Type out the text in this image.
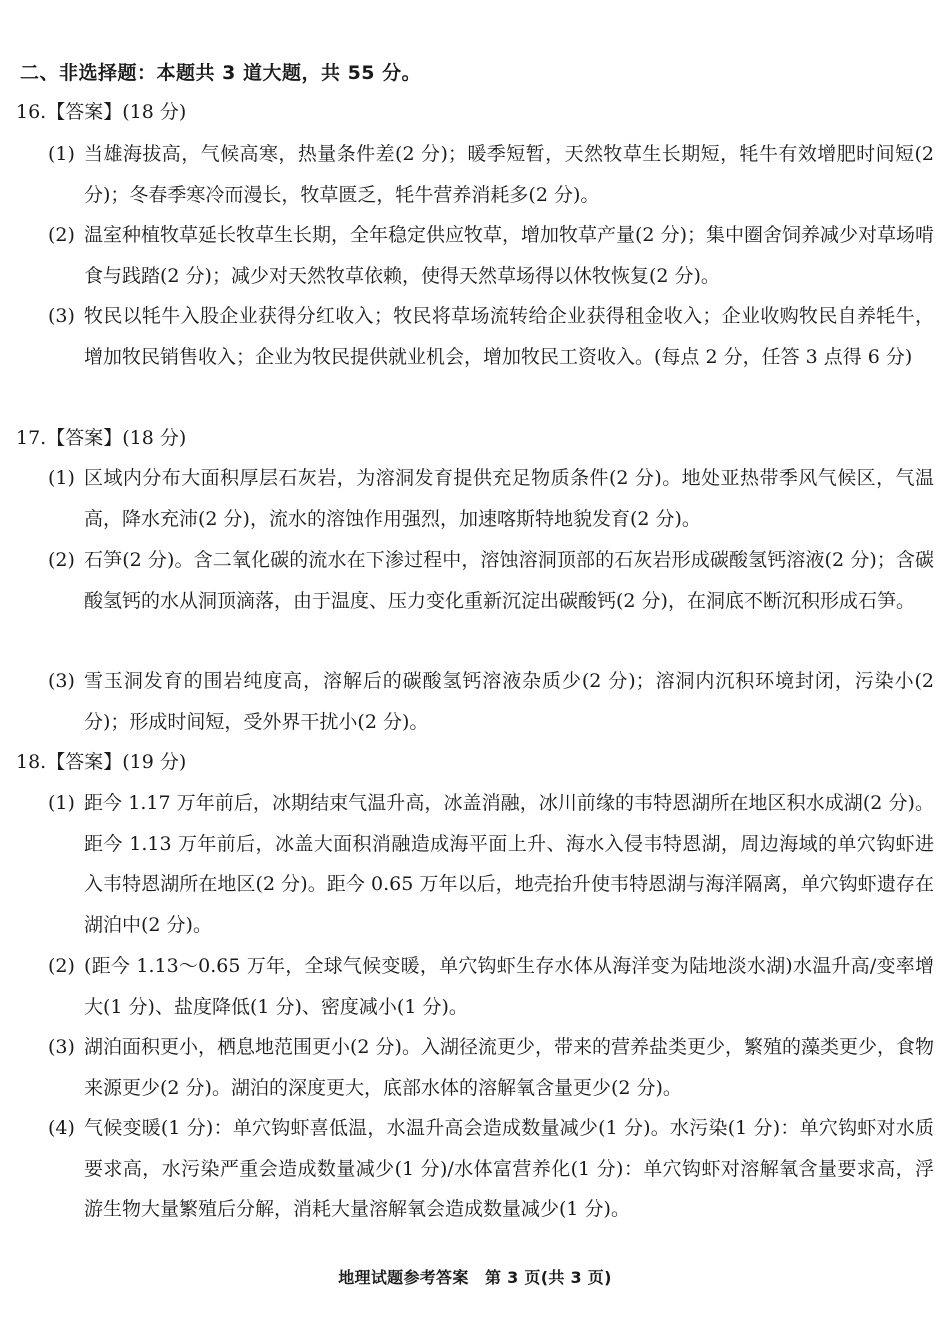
二、非选择题：本题共 3 道大题，共 55 分。
16.【答案】(18 分)
(1) 当雄海拔高，气候高寒，热量条件差(2 分)；暖季短暂，天然牧草生长期短，牦牛有效增肥时间短(2 分)；冬春季寒冷而漫长，牧草匮乏，牦牛营养消耗多(2 分)。
(2) 温室种植牧草延长牧草生长期，全年稳定供应牧草，增加牧草产量(2 分)；集中圈舍饲养减少对草场啃食与践踏(2 分)；减少对天然牧草依赖，使得天然草场得以休牧恢复(2 分)。
(3) 牧民以牦牛入股企业获得分红收入；牧民将草场流转给企业获得租金收入；企业收购牧民自养牦牛，增加牧民销售收入；企业为牧民提供就业机会，增加牧民工资收入。(每点 2 分，任答 3 点得 6 分)
17.【答案】(18 分)
(1) 区域内分布大面积厚层石灰岩，为溶洞发育提供充足物质条件(2 分)。地处亚热带季风气候区，气温高，降水充沛(2 分)，流水的溶蚀作用强烈，加速喀斯特地貌发育(2 分)。
(2) 石笋(2 分)。含二氧化碳的流水在下渗过程中，溶蚀溶洞顶部的石灰岩形成碳酸氢钙溶液(2 分)；含碳酸氢钙的水从洞顶滴落，由于温度、压力变化重新沉淀出碳酸钙(2 分)，在洞底不断沉积形成石笋。
(3) 雪玉洞发育的围岩纯度高，溶解后的碳酸氢钙溶液杂质少(2 分)；溶洞内沉积环境封闭，污染小(2 分)；形成时间短，受外界干扰小(2 分)。
18.【答案】(19 分)
(1) 距今 1.17 万年前后，冰期结束气温升高，冰盖消融，冰川前缘的韦特恩湖所在地区积水成湖(2 分)。距今 1.13 万年前后，冰盖大面积消融造成海平面上升、海水入侵韦特恩湖，周边海域的单穴钩虾进入韦特恩湖所在地区(2 分)。距今 0.65 万年以后，地壳抬升使韦特恩湖与海洋隔离，单穴钩虾遗存在湖泊中(2 分)。
(2) (距今 1.13～0.65 万年，全球气候变暖，单穴钩虾生存水体从海洋变为陆地淡水湖)水温升高/变率增大(1 分)、盐度降低(1 分)、密度减小(1 分)。
(3) 湖泊面积更小，栖息地范围更小(2 分)。入湖径流更少，带来的营养盐类更少，繁殖的藻类更少，食物来源更少(2 分)。湖泊的深度更大，底部水体的溶解氧含量更少(2 分)。
(4) 气候变暖(1 分)：单穴钩虾喜低温，水温升高会造成数量减少(1 分)。水污染(1 分)：单穴钩虾对水质要求高，水污染严重会造成数量减少(1 分)/水体富营养化(1 分)：单穴钩虾对溶解氧含量要求高，浮游生物大量繁殖后分解，消耗大量溶解氧会造成数量减少(1 分)。
地理试题参考答案　第 3 页(共 3 页)
